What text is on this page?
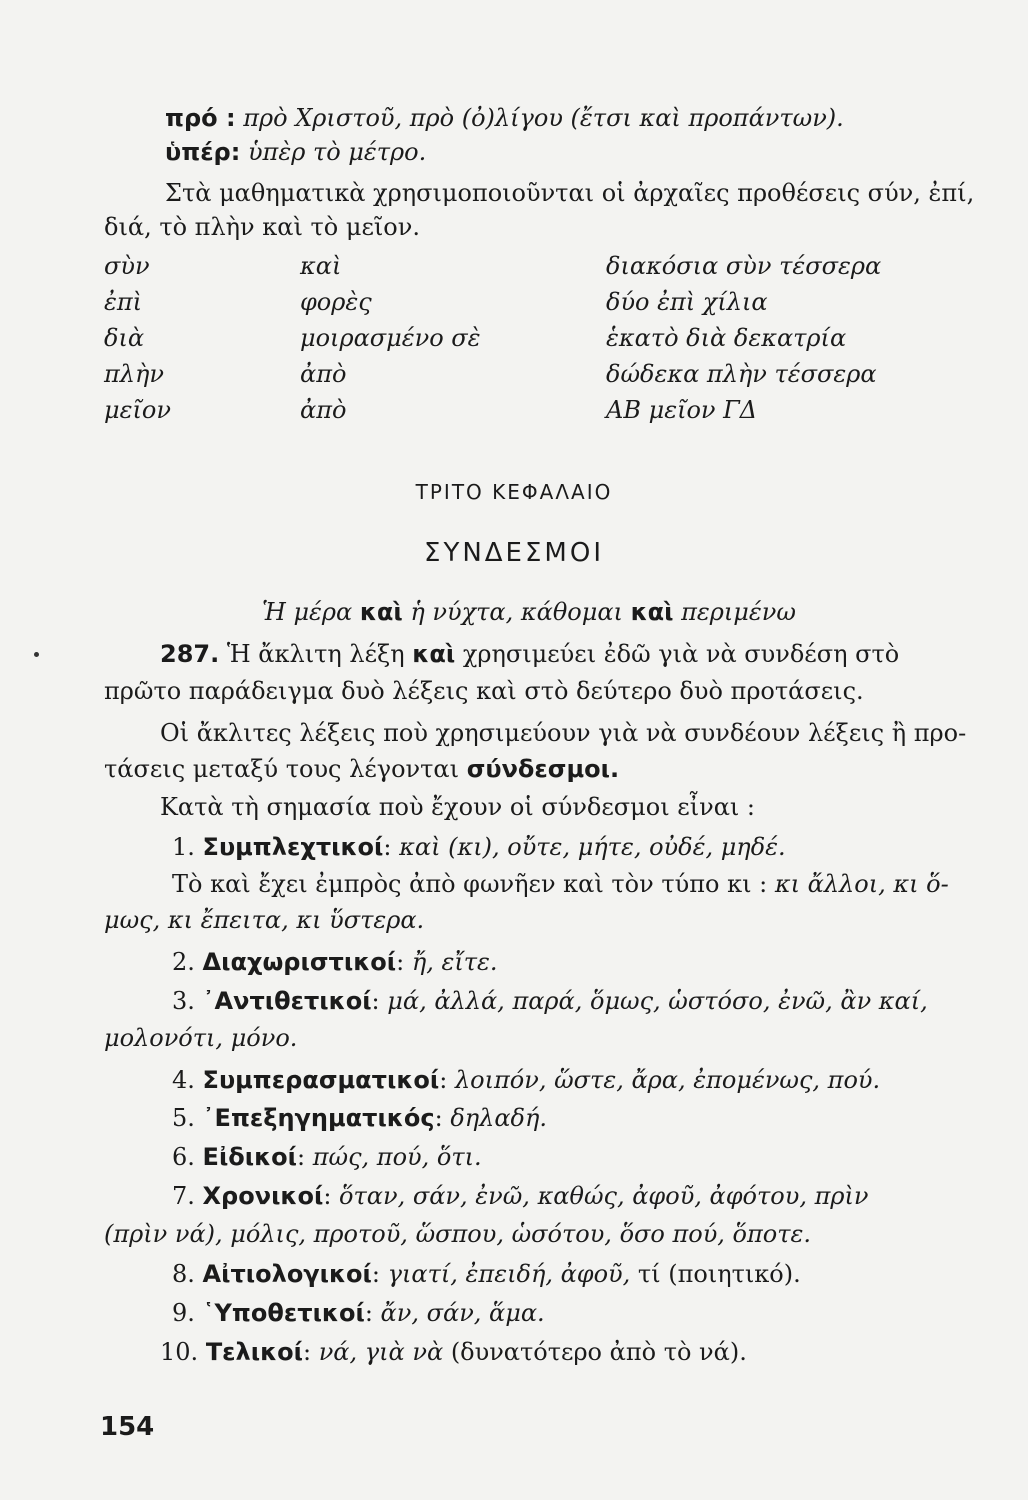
πρό : πρὸ Χριστοῦ, πρὸ (ὀ)λίγου (ἔτσι καὶ προπάντων).
ὑπέρ: ὑπὲρ τὸ μέτρο.
Στὰ μαθηματικὰ χρησιμοποιοῦνται οἱ ἀρχαῖες προθέσεις σύν, ἐπί,
διά, τὸ πλὴν καὶ τὸ μεῖον.
σὺν	καὶ	διακόσια σὺν τέσσερα
ἐπὶ	φορὲς	δύο ἐπὶ χίλια
διὰ	μοιρασμένο σὲ	ἑκατὸ διὰ δεκατρία
πλὴν	ἀπὸ	δώδεκα πλὴν τέσσερα
μεῖον	ἀπὸ	ΑΒ μεῖον ΓΔ
ΤΡΙΤΟ ΚΕΦΑΛΑΙΟ
ΣΥΝΔΕΣΜΟΙ
Ἡ μέρα καὶ ἡ νύχτα, κάθομαι καὶ περιμένω
287. Ἡ ἄκλιτη λέξη καὶ χρησιμεύει ἐδῶ γιὰ νὰ συνδέση στὸ
πρῶτο παράδειγμα δυὸ λέξεις καὶ στὸ δεύτερο δυὸ προτάσεις.
Οἱ ἄκλιτες λέξεις ποὺ χρησιμεύουν γιὰ νὰ συνδέουν λέξεις ἢ προ-
τάσεις μεταξύ τους λέγονται σύνδεσμοι.
Κατὰ τὴ σημασία ποὺ ἔχουν οἱ σύνδεσμοι εἶναι :
1. Συμπλεχτικοί: καὶ (κι), οὔτε, μήτε, οὐδέ, μηδέ.
Τὸ καὶ ἔχει ἐμπρὸς ἀπὸ φωνῆεν καὶ τὸν τύπο κι : κι ἄλλοι, κι ὅ-
μως, κι ἔπειτα, κι ὕστερα.
2. Διαχωριστικοί: ἤ, εἴτε.
3. ᾿Αντιθετικοί: μά, ἀλλά, παρά, ὅμως, ὡστόσο, ἐνῶ, ἂν καί,
μολονότι, μόνο.
4. Συμπερασματικοί: λοιπόν, ὥστε, ἄρα, ἐπομένως, πού.
5. ᾿Επεξηγηματικός: δηλαδή.
6. Εἰδικοί: πώς, πού, ὅτι.
7. Χρονικοί: ὅταν, σάν, ἐνῶ, καθώς, ἀφοῦ, ἀφότου, πρὶν
(πρὶν νά), μόλις, προτοῦ, ὥσπου, ὡσότου, ὅσο πού, ὅποτε.
8. Αἰτιολογικοί: γιατί, ἐπειδή, ἀφοῦ, τί (ποιητικό).
9. ῾Υποθετικοί: ἄν, σάν, ἅμα.
10. Τελικοί: νά, γιὰ νὰ (δυνατότερο ἀπὸ τὸ νά).
154
